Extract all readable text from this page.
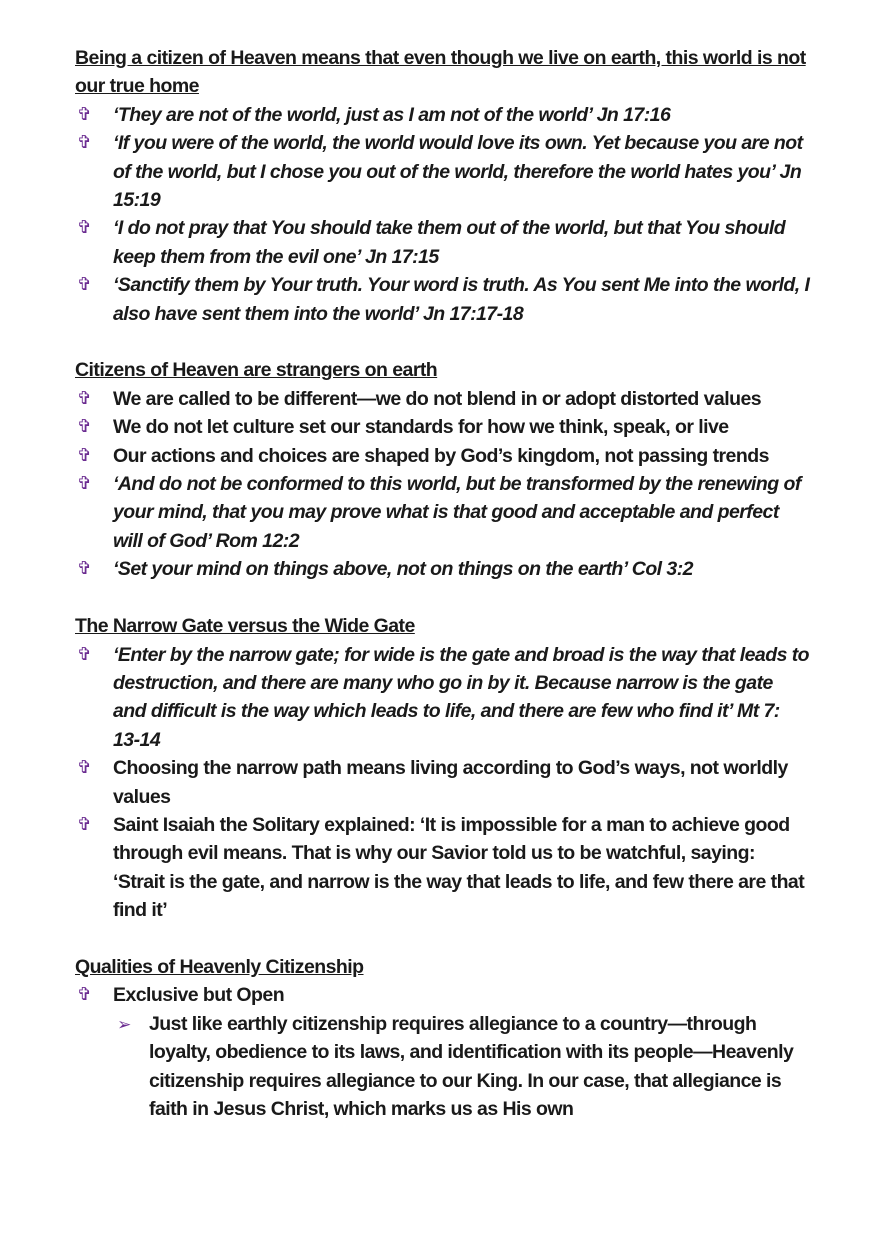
Being a citizen of Heaven means that even though we live on earth, this world is not our true home

✞ ‘They are not of the world, just as I am not of the world’ Jn 17:16
✞ ‘If you were of the world, the world would love its own. Yet because you are not of the world, but I chose you out of the world, therefore the world hates you’ Jn 15:19
✞ ‘I do not pray that You should take them out of the world, but that You should keep them from the evil one’ Jn 17:15
✞ ‘Sanctify them by Your truth. Your word is truth. As You sent Me into the world, I also have sent them into the world’ Jn 17:17-18

Citizens of Heaven are strangers on earth

✞ We are called to be different—we do not blend in or adopt distorted values
✞ We do not let culture set our standards for how we think, speak, or live
✞ Our actions and choices are shaped by God’s kingdom, not passing trends
✞ ‘And do not be conformed to this world, but be transformed by the renewing of your mind, that you may prove what is that good and acceptable and perfect will of God’ Rom 12:2
✞ ‘Set your mind on things above, not on things on the earth’ Col 3:2

The Narrow Gate versus the Wide Gate

✞ ‘Enter by the narrow gate; for wide is the gate and broad is the way that leads to destruction, and there are many who go in by it. Because narrow is the gate and difficult is the way which leads to life, and there are few who find it’ Mt 7: 13-14
✞ Choosing the narrow path means living according to God’s ways, not worldly values
✞ Saint Isaiah the Solitary explained: ‘It is impossible for a man to achieve good through evil means. That is why our Savior told us to be watchful, saying: ‘Strait is the gate, and narrow is the way that leads to life, and few there are that find it’

Qualities of Heavenly Citizenship

✞ Exclusive but Open
➢ Just like earthly citizenship requires allegiance to a country—through loyalty, obedience to its laws, and identification with its people—Heavenly citizenship requires allegiance to our King. In our case, that allegiance is faith in Jesus Christ, which marks us as His own
